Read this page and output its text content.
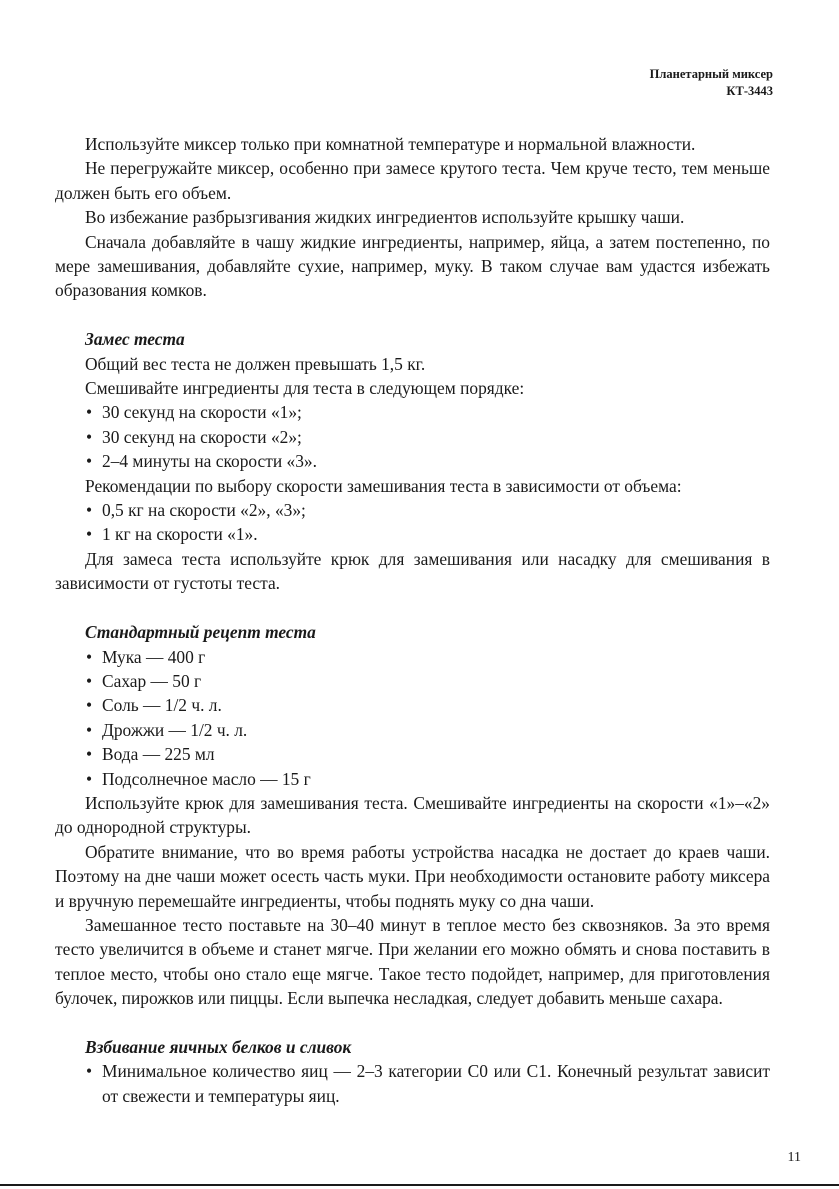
Планетарный миксер
КТ-3443

Используйте миксер только при комнатной температуре и нормальной влажности.

Не перегружайте миксер, особенно при замесе крутого теста. Чем круче тесто, тем меньше должен быть его объем.

Во избежание разбрызгивания жидких ингредиентов используйте крышку чаши.

Сначала добавляйте в чашу жидкие ингредиенты, например, яйца, а затем постепенно, по мере замешивания, добавляйте сухие, например, муку. В таком случае вам удастся избежать образования комков.

Замес теста

Общий вес теста не должен превышать 1,5 кг.

Смешивайте ингредиенты для теста в следующем порядке:

• 30 секунд на скорости «1»;
• 30 секунд на скорости «2»;
• 2–4 минуты на скорости «3».

Рекомендации по выбору скорости замешивания теста в зависимости от объема:

• 0,5 кг на скорости «2», «3»;
• 1 кг на скорости «1».

Для замеса теста используйте крюк для замешивания или насадку для смешивания в зависимости от густоты теста.

Стандартный рецепт теста
• Мука — 400 г
• Сахар — 50 г
• Соль — 1/2 ч. л.
• Дрожжи — 1/2 ч. л.
• Вода — 225 мл
• Подсолнечное масло — 15 г

Используйте крюк для замешивания теста. Смешивайте ингредиенты на скорости «1»–«2» до однородной структуры.

Обратите внимание, что во время работы устройства насадка не достает до краев чаши. Поэтому на дне чаши может осесть часть муки. При необходимости остановите работу миксера и вручную перемешайте ингредиенты, чтобы поднять муку со дна чаши.

Замешанное тесто поставьте на 30–40 минут в теплое место без сквозняков. За это время тесто увеличится в объеме и станет мягче. При желании его можно обмять и снова поставить в теплое место, чтобы оно стало еще мягче. Такое тесто подойдет, например, для приготовления булочек, пирожков или пиццы. Если выпечка несладкая, следует добавить меньше сахара.

Взбивание яичных белков и сливок
• Минимальное количество яиц — 2–3 категории С0 или С1. Конечный результат зависит от свежести и температуры яиц.
11
